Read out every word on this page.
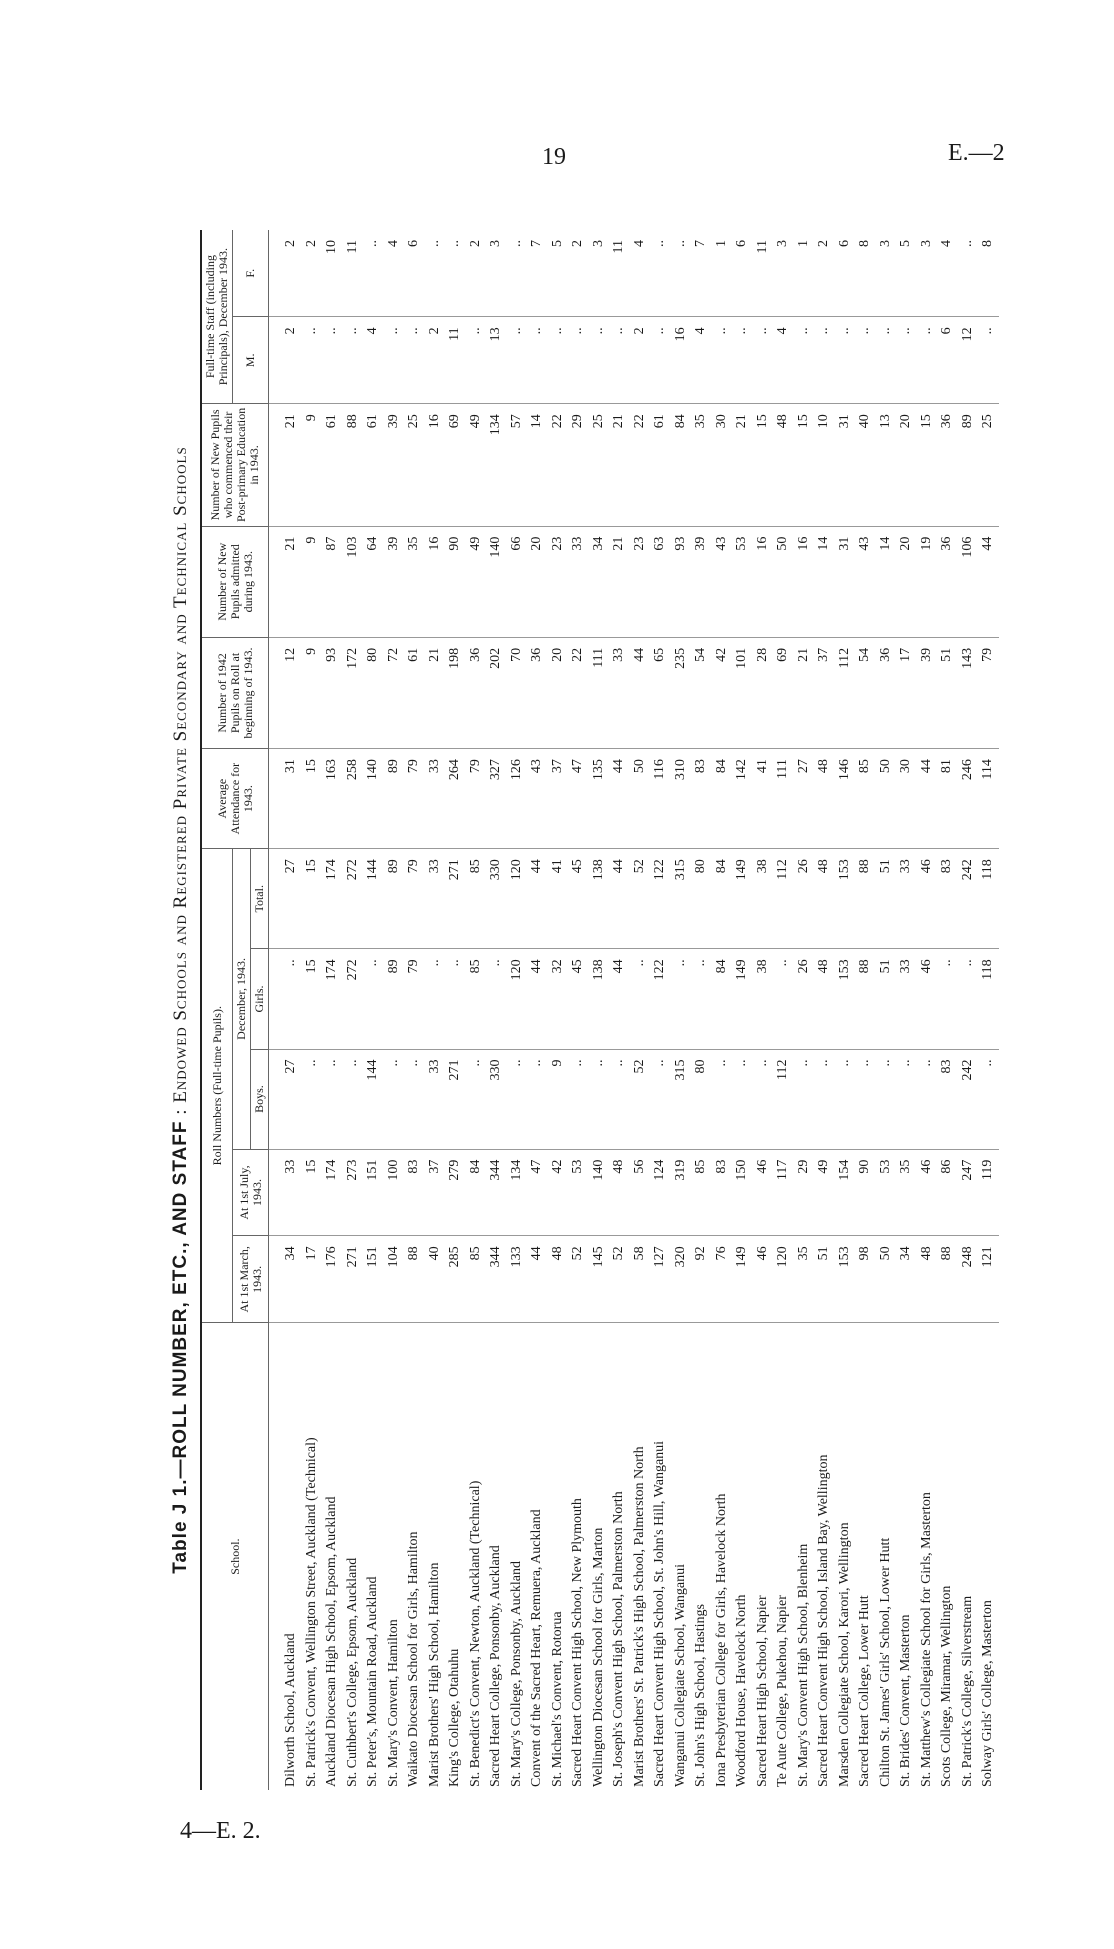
19	E.—2
4—E. 2.
Table J 1.—ROLL NUMBER, ETC., AND STAFF : Endowed Schools and Registered Private Secondary and Technical Schools
School.	Roll Numbers (Full-time Pupils).					Average Attendance for 1943.	Number of 1942 Pupils on Roll at beginning of 1943.	Number of New Pupils admitted during 1943.	Number of New Pupils who commenced their Post-primary Education in 1943.	Full-time Staff (including Principals), December 1943.	
	At 1st March, 1943.	At 1st July, 1943.	December, 1943.							M.	F.
			Boys.	Girls.	Total.						
Dilworth School, Auckland	34	33	27	..	27	31	12	21	21	2	2
St. Patrick's Convent, Wellington Street, Auckland (Technical)	17	15	..	15	15	15	9	9	9	..	2
Auckland Diocesan High School, Epsom, Auckland	176	174	..	174	174	163	93	87	61	..	10
St. Cuthbert's College, Epsom, Auckland	271	273	..	272	272	258	172	103	88	..	11
St. Peter's, Mountain Road, Auckland	151	151	144	..	144	140	80	64	61	4	..
St. Mary's Convent, Hamilton	104	100	..	89	89	89	72	39	39	..	4
Waikato Diocesan School for Girls, Hamilton	88	83	..	79	79	79	61	35	25	..	6
Marist Brothers' High School, Hamilton	40	37	33	..	33	33	21	16	16	2	..
King's College, Otahuhu	285	279	271	..	271	264	198	90	69	11	..
St. Benedict's Convent, Newton, Auckland (Technical)	85	84	..	85	85	79	36	49	49	..	2
Sacred Heart College, Ponsonby, Auckland	344	344	330	..	330	327	202	140	134	13	3
St. Mary's College, Ponsonby, Auckland	133	134	..	120	120	126	70	66	57	..	..
Convent of the Sacred Heart, Remuera, Auckland	44	47	..	44	44	43	36	20	14	..	7
St. Michael's Convent, Rotorua	48	42	9	32	41	37	20	23	22	..	5
Sacred Heart Convent High School, New Plymouth	52	53	..	45	45	47	22	33	29	..	2
Wellington Diocesan School for Girls, Marton	145	140	..	138	138	135	111	34	25	..	3
St. Joseph's Convent High School, Palmerston North	52	48	..	44	44	44	33	21	21	..	11
Marist Brothers' St. Patrick's High School, Palmerston North	58	56	52	..	52	50	44	23	22	2	4
Sacred Heart Convent High School, St. John's Hill, Wanganui	127	124	..	122	122	116	65	63	61	..	..
Wanganui Collegiate School, Wanganui	320	319	315	..	315	310	235	93	84	16	..
St. John's High School, Hastings	92	85	80	..	80	83	54	39	35	4	7
Iona Presbyterian College for Girls, Havelock North	76	83	..	84	84	84	42	43	30	..	1
Woodford House, Havelock North	149	150	..	149	149	142	101	53	21	..	6
Sacred Heart High School, Napier	46	46	..	38	38	41	28	16	15	..	11
Te Aute College, Pukehou, Napier	120	117	112	..	112	111	69	50	48	4	3
St. Mary's Convent High School, Blenheim	35	29	..	26	26	27	21	16	15	..	1
Sacred Heart Convent High School, Island Bay, Wellington	51	49	..	48	48	48	37	14	10	..	2
Marsden Collegiate School, Karori, Wellington	153	154	..	153	153	146	112	31	31	..	6
Sacred Heart College, Lower Hutt	98	90	..	88	88	85	54	43	40	..	8
Chilton St. James' Girls' School, Lower Hutt	50	53	..	51	51	50	36	14	13	..	3
St. Brides' Convent, Masterton	34	35	..	33	33	30	17	20	20	..	5
St. Matthew's Collegiate School for Girls, Masterton	48	46	..	46	46	44	39	19	15	..	3
Scots College, Miramar, Wellington	88	86	83	..	83	81	51	36	36	6	4
St. Patrick's College, Silverstream	248	247	242	..	242	246	143	106	89	12	..
Solway Girls' College, Masterton	121	119	..	118	118	114	79	44	25	..	8
